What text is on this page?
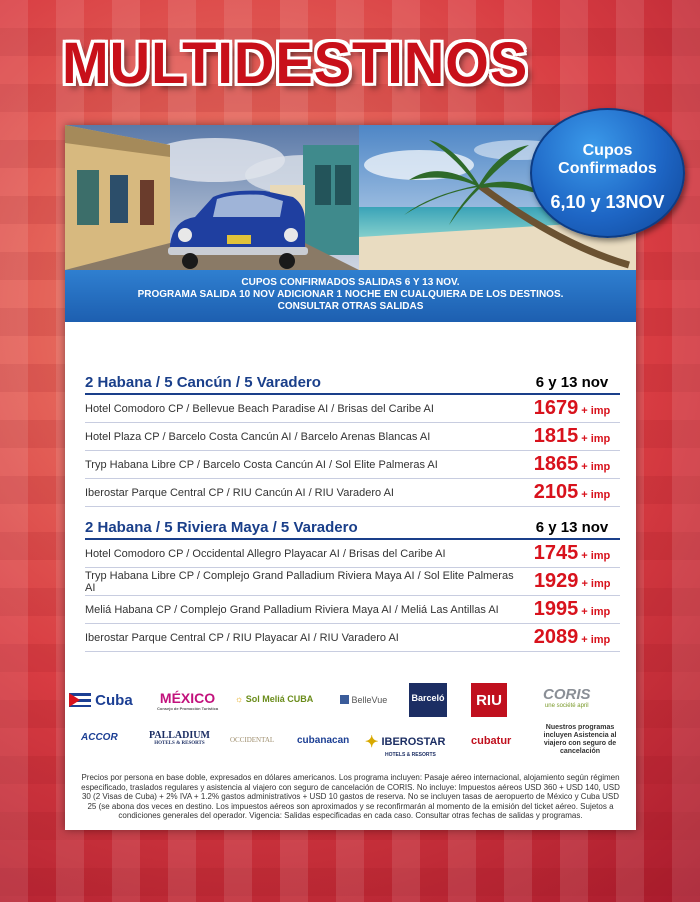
MULTIDESTINOS
CUPOS CONFIRMADOS SALIDAS 6 Y 13 NOV.
PROGRAMA SALIDA 10 NOV ADICIONAR 1 NOCHE EN CUALQUIERA DE LOS DESTINOS.
CONSULTAR OTRAS SALIDAS
2 Habana / 5 Cancún / 5 Varadero	6 y 13 nov
Hotel Comodoro CP / Bellevue Beach Paradise AI / Brisas del Caribe AI	1679 + imp
Hotel Plaza CP / Barcelo Costa Cancún AI / Barcelo Arenas Blancas AI	1815 + imp
Tryp Habana Libre CP / Barcelo Costa Cancún AI / Sol Elite Palmeras AI	1865 + imp
Iberostar Parque Central CP / RIU Cancún AI / RIU Varadero AI	2105 + imp
2 Habana / 5 Riviera Maya / 5 Varadero	6 y 13 nov
Hotel Comodoro CP / Occidental Allegro Playacar AI / Brisas del Caribe AI	1745 + imp
Tryp Habana Libre CP / Complejo Grand Palladium Riviera Maya AI / Sol Elite Palmeras AI	1929 + imp
Meliá Habana CP / Complejo Grand Palladium Riviera Maya AI / Meliá Las Antillas AI	1995 + imp
Iberostar Parque Central CP / RIU Playacar AI / RIU Varadero AI	2089 + imp
Cuba MÉXICO
Consejo de Promoción Turística
☼ Sol Meliá CUBA	BelleVue	Barceló	RIU	CORIS
une société april
ACCOR	PALLADIUM
HOTELS & RESORTS	OCCIDENTAL cubanacan ✦ IBEROSTAR
HOTELS & RESORTS
cubatur
Nuestros programas incluyen Asistencia al viajero con seguro de cancelación
Precios por persona en base doble, expresados en dólares americanos. Los programa incluyen: Pasaje aéreo internacional, alojamiento según régimen especificado, traslados regulares y asistencia al viajero con seguro de cancelación de CORIS. No incluye: Impuestos aéreos USD 360 + USD 140, USD 30 (2 Visas de Cuba) + 2% IVA + 1.2% gastos administrativos + USD 10 gastos de reserva. No se incluyen tasas de aeropuerto de México y Cuba USD 25 (se abona dos veces en destino. Los impuestos aéreos son aproximados y se reconfirmarán al momento de la emisión del ticket aéreo. Sujetos a condiciones generales del operador. Vigencia: Salidas especificadas en cada caso. Consultar otras fechas de salidas y programas.
Cupos
Confirmados
6,10 y 13NOV
